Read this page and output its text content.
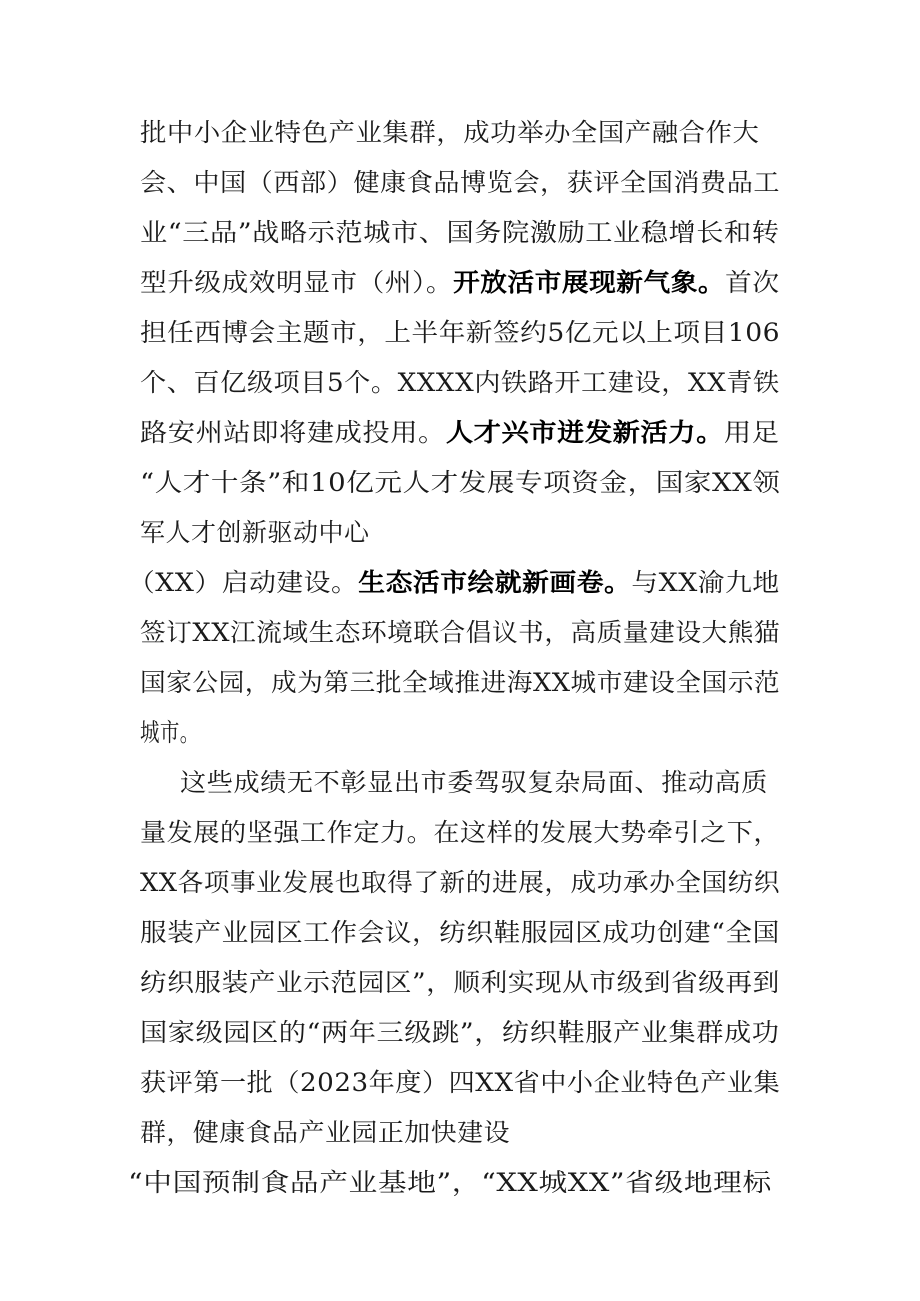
批中小企业特色产业集群，成功举办全国产融合作大
会、中国（西部）健康食品博览会，获评全国消费品工
业“三品”战略示范城市、国务院激励工业稳增长和转
型升级成效明显市（州）。开放活市展现新气象。首次
担任西博会主题市，上半年新签约5亿元以上项目106
个、百亿级项目5个。XXXX内铁路开工建设，XX青铁
路安州站即将建成投用。人才兴市迸发新活力。用足
“人才十条”和10亿元人才发展专项资金，国家XX领
军人才创新驱动中心
（XX）启动建设。生态活市绘就新画卷。与XX渝九地
签订XX江流域生态环境联合倡议书，高质量建设大熊猫
国家公园，成为第三批全域推进海XX城市建设全国示范
城市。
这些成绩无不彰显出市委驾驭复杂局面、推动高质
量发展的坚强工作定力。在这样的发展大势牵引之下，
XX各项事业发展也取得了新的进展，成功承办全国纺织
服装产业园区工作会议，纺织鞋服园区成功创建“全国
纺织服装产业示范园区”，顺利实现从市级到省级再到
国家级园区的“两年三级跳”，纺织鞋服产业集群成功
获评第一批（2023年度）四XX省中小企业特色产业集
群，健康食品产业园正加快建设
“中国预制食品产业基地”，“XX城XX”省级地理标
